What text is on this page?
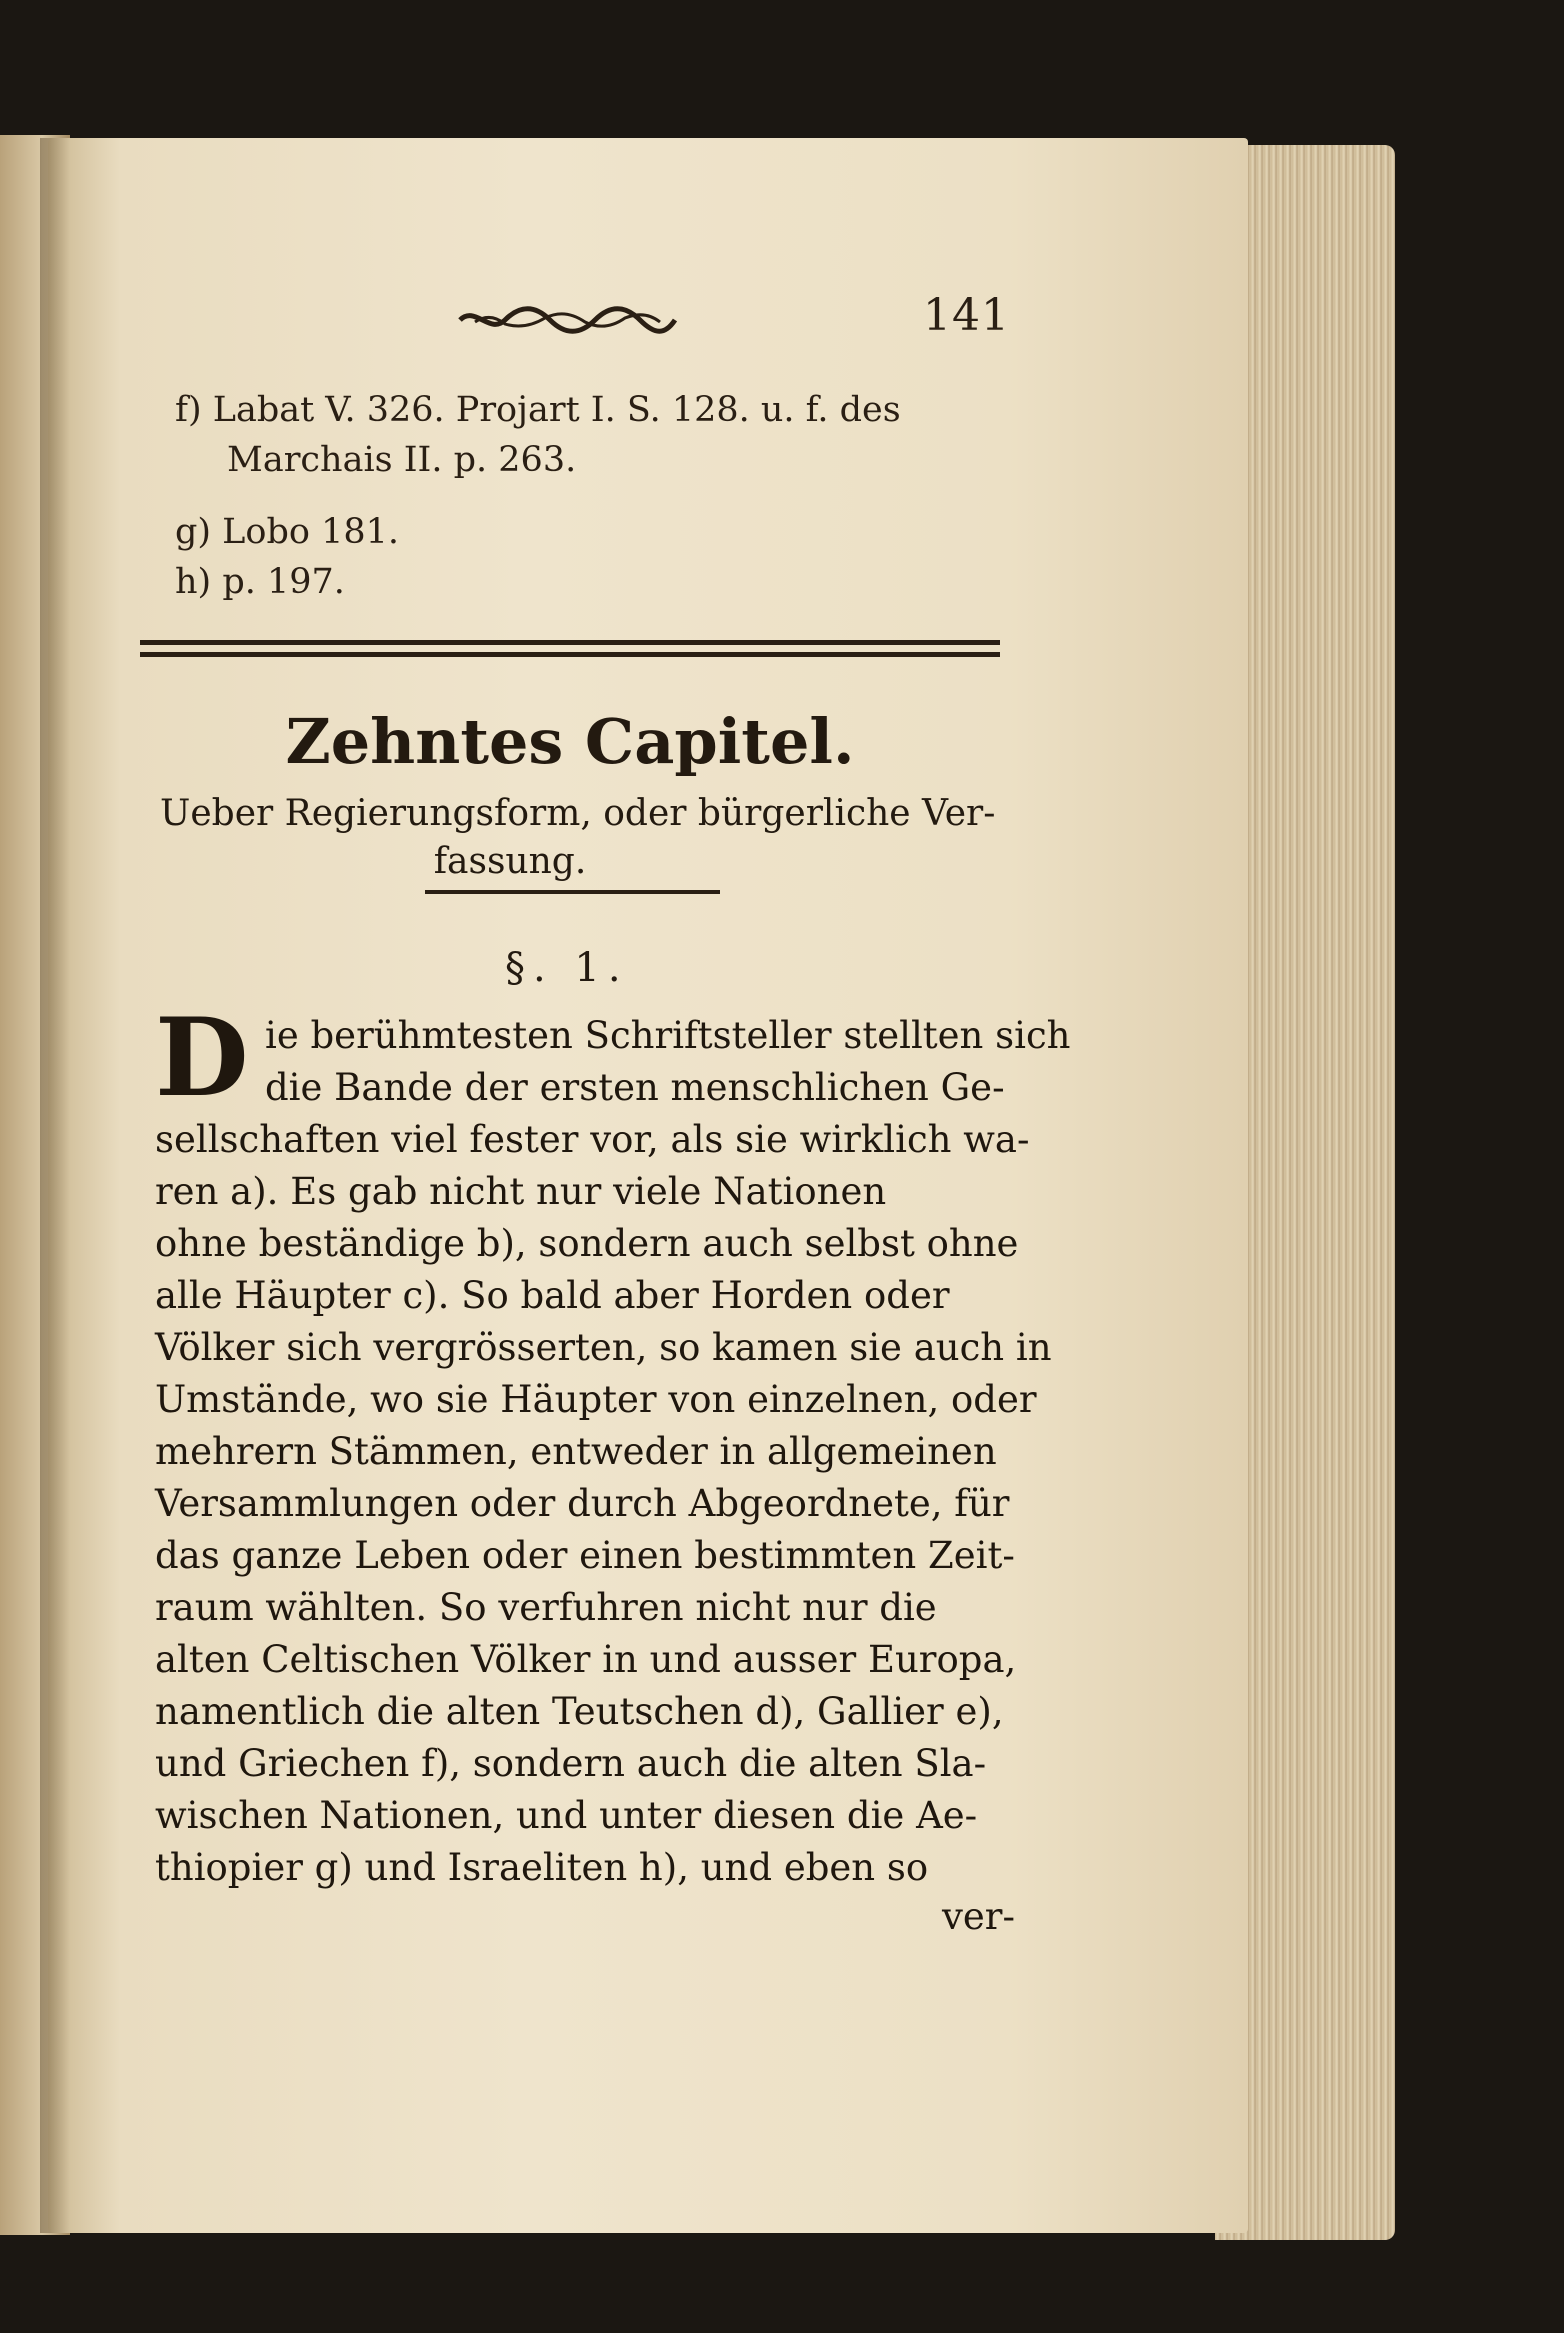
141
f) Labat V. 326. Projart I. S. 128. u. f. des
Marchais II. p. 263.
g) Lobo 181.
h) p. 197.
Zehntes Capitel.
Ueber Regierungsform, oder bürgerliche Ver-
fassung.
§. 1.
D ie berühmtesten Schriftsteller stellten sich
die Bande der ersten menschlichen Ge-
sellschaften viel fester vor, als sie wirklich wa-
ren a). Es gab nicht nur viele Nationen
ohne beständige b), sondern auch selbst ohne
alle Häupter c). So bald aber Horden oder
Völker sich vergrösserten, so kamen sie auch in
Umstände, wo sie Häupter von einzelnen, oder
mehrern Stämmen, entweder in allgemeinen
Versammlungen oder durch Abgeordnete, für
das ganze Leben oder einen bestimmten Zeit-
raum wählten. So verfuhren nicht nur die
alten Celtischen Völker in und ausser Europa,
namentlich die alten Teutschen d), Gallier e),
und Griechen f), sondern auch die alten Sla-
wischen Nationen, und unter diesen die Ae-
thiopier g) und Israeliten h), und eben so
ver-
